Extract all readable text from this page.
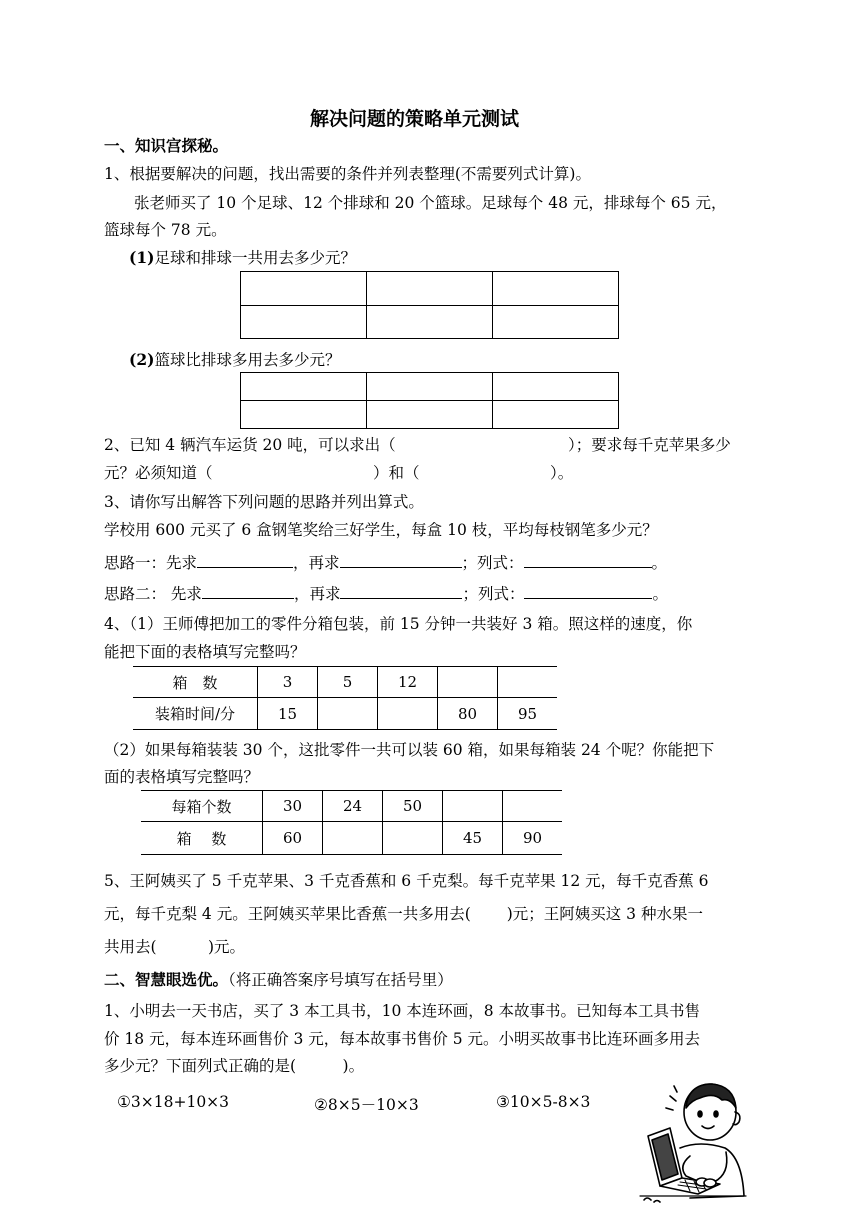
解决问题的策略单元测试
一、知识宫探秘。
1、根据要解决的问题，找出需要的条件并列表整理(不需要列式计算)。
张老师买了 10 个足球、12 个排球和 20 个篮球。足球每个 48 元，排球每个 65 元，
篮球每个 78 元。
(1)足球和排球一共用去多少元？

(2)篮球比排球多用去多少元？

2、已知 4 辆汽车运货 20 吨，可以求出（	）；要求每千克苹果多少
元？必须知道（	）和（	）。
3、请你写出解答下列问题的思路并列出算式。
学校用 600 元买了 6 盒钢笔奖给三好学生，每盒 10 枝，平均每枝钢笔多少元？
思路一：先求	，再求	；列式：	。
思路二： 先求	，再求	；列式：	。
4、（1）王师傅把加工的零件分箱包装，前 15 分钟一共装好 3 箱。照这样的速度，你
能把下面的表格填写完整吗？
箱　数	3	5	12		
装箱时间/分	15			80	95
（2）如果每箱装装 30 个，这批零件一共可以装 60 箱，如果每箱装 24 个呢？你能把下
面的表格填写完整吗？
每箱个数	30	24	50		
箱　 数	60			45	90
5、王阿姨买了 5 千克苹果、3 千克香蕉和 6 千克梨。每千克苹果 12 元，每千克香蕉 6
元，每千克梨 4 元。王阿姨买苹果比香蕉一共多用去(　　 )元；王阿姨买这 3 种水果一
共用去(　　　 )元。
二、智慧眼选优。（将正确答案序号填写在括号里）
1、小明去一天书店，买了 3 本工具书，10 本连环画，8 本故事书。已知每本工具书售
价 18 元，每本连环画售价 3 元，每本故事书售价 5 元。小明买故事书比连环画多用去
多少元？下面列式正确的是(　　　)。
①3×18+10×3	②8×5－10×3	③10×5-8×3
